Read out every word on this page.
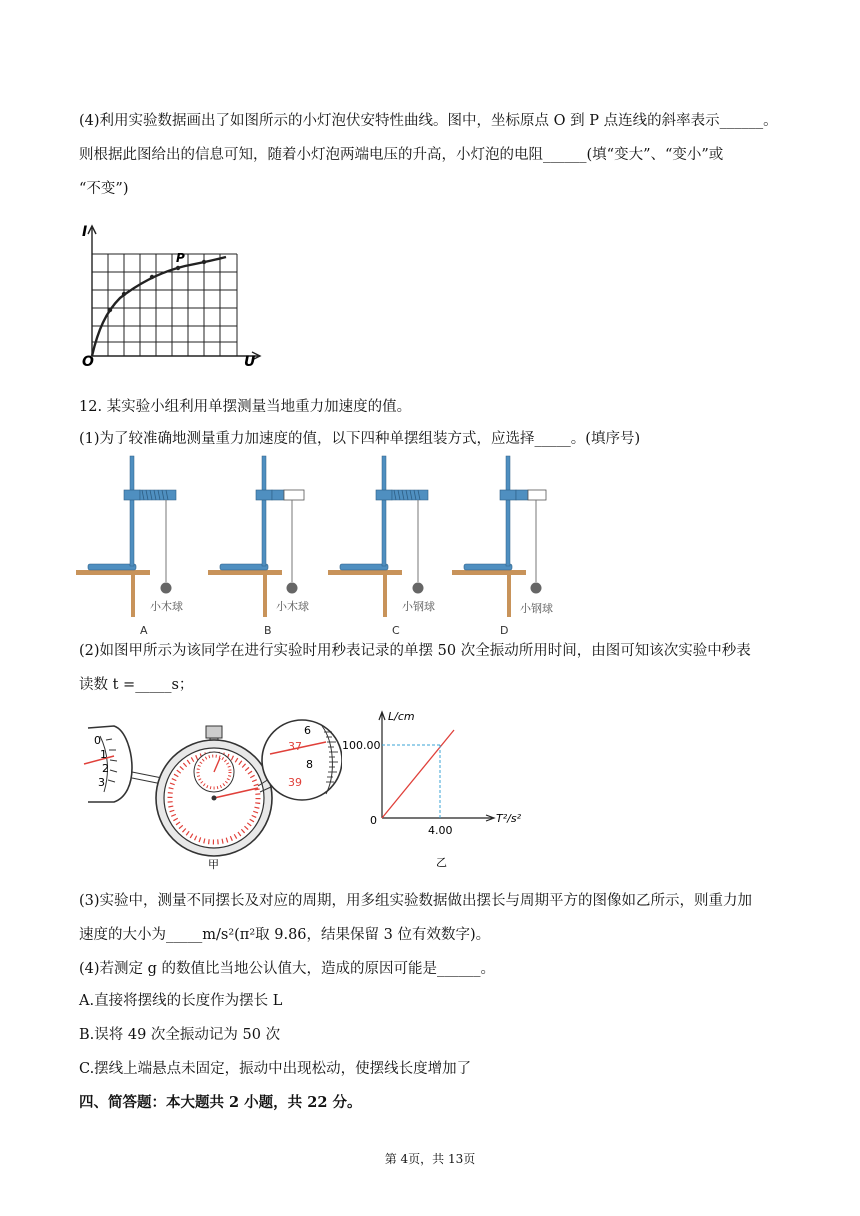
(4)利用实验数据画出了如图所示的小灯泡伏安特性曲线。图中，坐标原点 O 到 P 点连线的斜率表示______。

则根据此图给出的信息可知，随着小灯泡两端电压的升高，小灯泡的电阻______(填“变大”、“变小”或

“不变”)

I
U
O
P

12. 某实验小组利用单摆测量当地重力加速度的值。

(1)为了较准确地测量重力加速度的值，以下四种单摆组装方式，应选择_____。(填序号)

小木球
A
小木球
B
小钢球
C
小钢球
D

(2)如图甲所示为该同学在进行实验时用秒表记录的单摆 50 次全振动所用时间，由图可知该次实验中秒表

读数 t =_____s；

0
1
2
3
6
37
8
39
甲
L/cm
T²/s²
100.00
4.00
0
乙

(3)实验中，测量不同摆长及对应的周期，用多组实验数据做出摆长与周期平方的图像如乙所示，则重力加

速度的大小为_____m/s²(π²取 9.86，结果保留 3 位有效数字)。

(4)若测定 g 的数值比当地公认值大，造成的原因可能是______。

A.直接将摆线的长度作为摆长 L

B.误将 49 次全振动记为 50 次

C.摆线上端悬点未固定，振动中出现松动，使摆线长度增加了

四、简答题：本大题共 2 小题，共 22 分。

第 4页，共 13页
